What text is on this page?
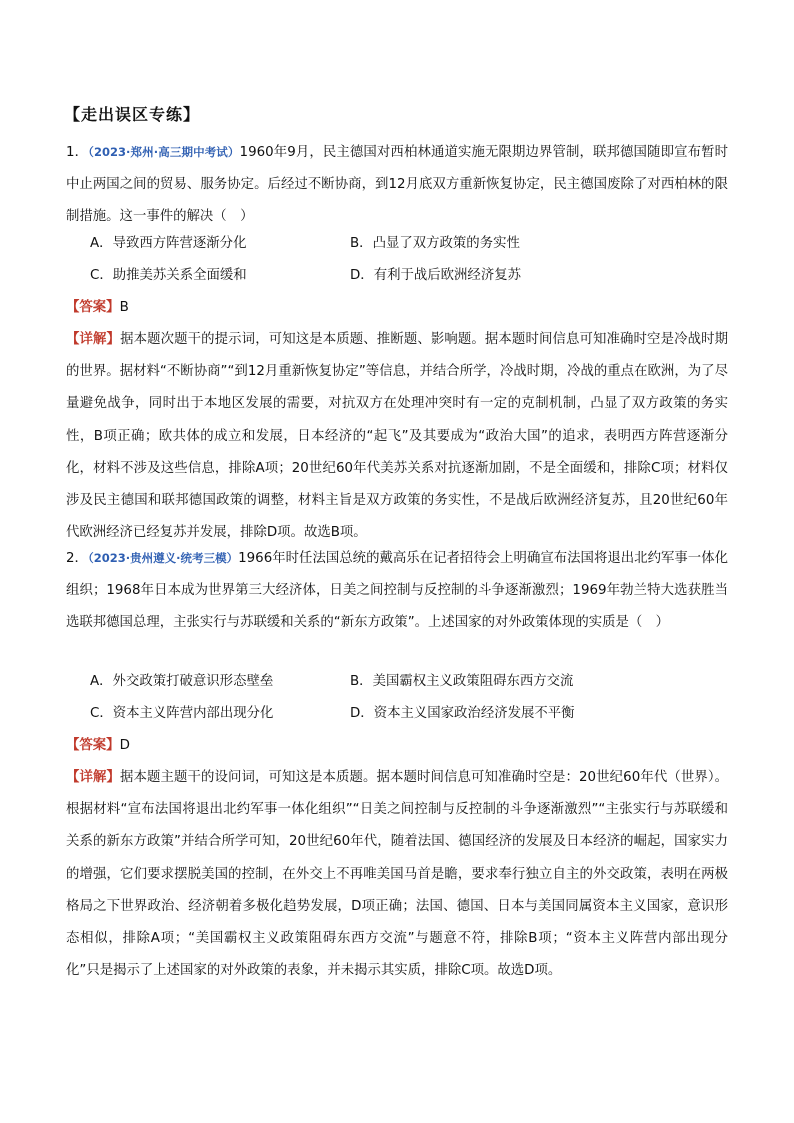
【走出误区专练】
1．（2023·郑州·高三期中考试）1960年9月，民主德国对西柏林通道实施无限期边界管制，联邦德国随即宣布暂时中止两国之间的贸易、服务协定。后经过不断协商，到12月底双方重新恢复协定，民主德国废除了对西柏林的限制措施。这一事件的解决（　）
A．导致西方阵营逐渐分化	B．凸显了双方政策的务实性
C．助推美苏关系全面缓和	D．有利于战后欧洲经济复苏
【答案】B
【详解】据本题次题干的提示词，可知这是本质题、推断题、影响题。据本题时间信息可知准确时空是冷战时期的世界。据材料“不断协商”“到12月重新恢复协定”等信息，并结合所学，冷战时期，冷战的重点在欧洲，为了尽量避免战争，同时出于本地区发展的需要，对抗双方在处理冲突时有一定的克制机制，凸显了双方政策的务实性，B项正确；欧共体的成立和发展，日本经济的“起飞”及其要成为“政治大国”的追求，表明西方阵营逐渐分化，材料不涉及这些信息，排除A项；20世纪60年代美苏关系对抗逐渐加剧，不是全面缓和，排除C项；材料仅涉及民主德国和联邦德国政策的调整，材料主旨是双方政策的务实性，不是战后欧洲经济复苏，且20世纪60年代欧洲经济已经复苏并发展，排除D项。故选B项。
2．（2023·贵州遵义·统考三模）1966年时任法国总统的戴高乐在记者招待会上明确宣布法国将退出北约军事一体化组织；1968年日本成为世界第三大经济体，日美之间控制与反控制的斗争逐渐激烈；1969年勃兰特大选获胜当选联邦德国总理，主张实行与苏联缓和关系的“新东方政策”。上述国家的对外政策体现的实质是（　）
A．外交政策打破意识形态壁垒	B．美国霸权主义政策阻碍东西方交流
C．资本主义阵营内部出现分化	D．资本主义国家政治经济发展不平衡
【答案】D
【详解】据本题主题干的设问词，可知这是本质题。据本题时间信息可知准确时空是：20世纪60年代（世界）。根据材料“宣布法国将退出北约军事一体化组织”“日美之间控制与反控制的斗争逐渐激烈”“主张实行与苏联缓和关系的新东方政策”并结合所学可知，20世纪60年代，随着法国、德国经济的发展及日本经济的崛起，国家实力的增强，它们要求摆脱美国的控制，在外交上不再唯美国马首是瞻，要求奉行独立自主的外交政策，表明在两极格局之下世界政治、经济朝着多极化趋势发展，D项正确；法国、德国、日本与美国同属资本主义国家，意识形态相似，排除A项；“美国霸权主义政策阻碍东西方交流”与题意不符，排除B项；“资本主义阵营内部出现分化”只是揭示了上述国家的对外政策的表象，并未揭示其实质，排除C项。故选D项。
